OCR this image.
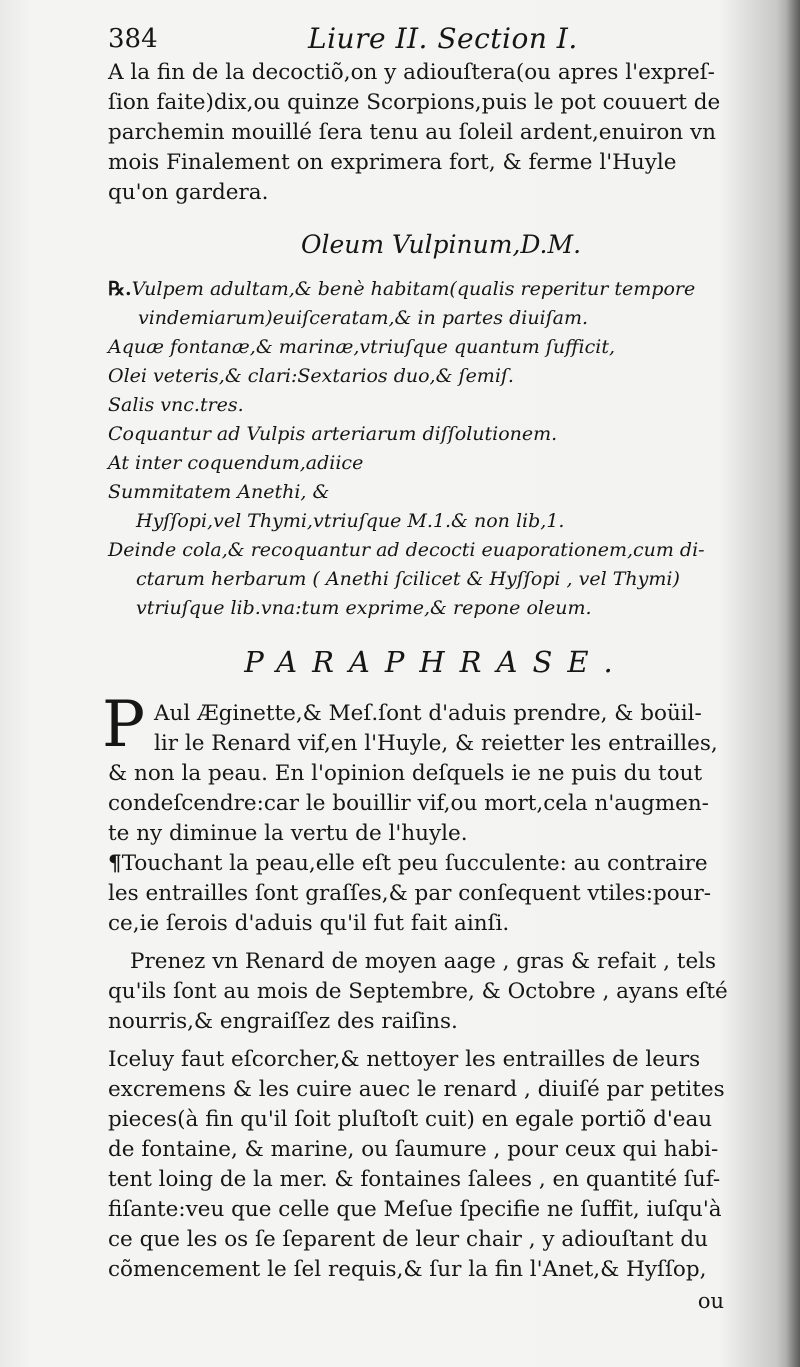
384	Liure II. Section I.

A la fin de la decoctiõ,on y adiouſtera(ou apres l'expreſ-
ſion faite)dix,ou quinze Scorpions,puis le pot couuert de
parchemin mouillé ſera tenu au ſoleil ardent,enuiron vn
mois Finalement on exprimera fort, & ferme l'Huyle
qu'on gardera.

Oleum Vulpinum,D.M.
℞.Vulpem adultam,& benè habitam(qualis reperitur tempore
vindemiarum)euiſceratam,& in partes diuiſam.
Aquæ fontanæ,& marinæ,vtriuſque quantum ſufficit,
Olei veteris,& clari:Sextarios duo,& ſemiſ.
Salis vnc.tres.
Coquantur ad Vulpis arteriarum diſſolutionem.
At inter coquendum,adiice
Summitatem Anethi, &
Hyſſopi,vel Thymi,vtriuſque M.1.& non lib,1.
Deinde cola,& recoquantur ad decocti euaporationem,cum di-
ctarum herbarum ( Anethi ſcilicet & Hyſſopi , vel Thymi)
vtriuſque lib.vna:tum exprime,& repone oleum.
PARAPHRASE.

P Aul Æginette,& Meſ.ſont d'aduis prendre, & boüil-
lir le Renard vif,en l'Huyle, & reietter les entrailles,
& non la peau. En l'opinion deſquels ie ne puis du tout
condeſcendre:car le bouillir vif,ou mort,cela n'augmen-
te ny diminue la vertu de l'huyle.

¶Touchant la peau,elle eſt peu ſucculente: au contraire
les entrailles ſont graſſes,& par conſequent vtiles:pour-
ce,ie ſerois d'aduis qu'il fut fait ainſi.

Prenez vn Renard de moyen aage , gras & refait , tels
qu'ils ſont au mois de Septembre, & Octobre , ayans eſté
nourris,& engraiſſez des raiſins.

Iceluy faut eſcorcher,& nettoyer les entrailles de leurs
excremens & les cuire auec le renard , diuiſé par petites
pieces(à fin qu'il ſoit pluſtoſt cuit) en egale portiõ d'eau
de fontaine, & marine, ou ſaumure , pour ceux qui habi-
tent loing de la mer. & fontaines ſalees , en quantité ſuf-
fiſante:veu que celle que Meſue ſpecifie ne ſuffit, iuſqu'à
ce que les os ſe ſeparent de leur chair , y adiouſtant du
cõmencement le ſel requis,& ſur la fin l'Anet,& Hyſſop,

ou
